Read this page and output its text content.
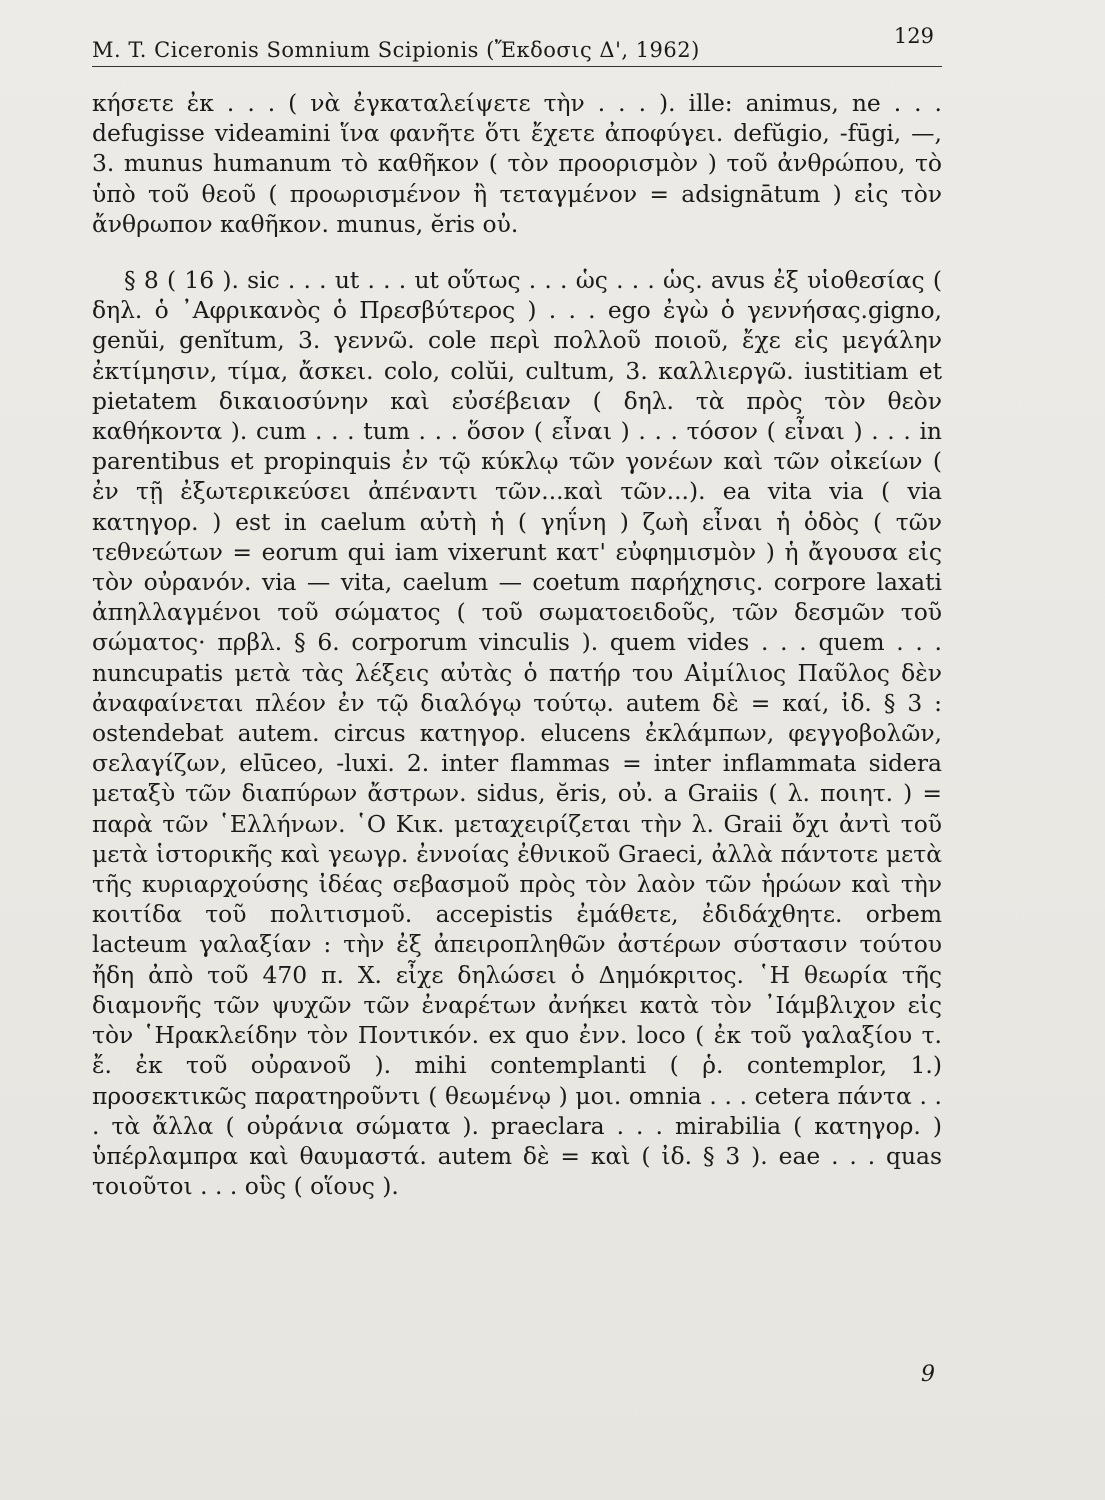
M. T. Ciceronis Somnium Scipionis (Ἔκδοσις Δ', 1962)
129

κήσετε ἐκ . . . ( νὰ ἐγκαταλείψετε τὴν . . . ). ille: animus, ne . . . defugisse videamini ἵνα φανῆτε ὅτι ἔχετε ἀποφύγει. defŭgio, -fūgi, —, 3. munus humanum τὸ καθῆκον ( τὸν προορισμὸν ) τοῦ ἀνθρώπου, τὸ ὑπὸ τοῦ θεοῦ ( προωρισμένον ἢ τεταγμένον = adsignātum ) εἰς τὸν ἄνθρωπον καθῆκον. munus, ĕris οὐ.

§ 8 ( 16 ). sic . . . ut . . . ut οὕτως . . . ὡς . . . ὡς. avus ἐξ υἱοθεσίας ( δηλ. ὁ ᾿Αφρικανὸς ὁ Πρεσβύτερος ) . . . ego ἐγὼ ὁ γεννήσας.gigno, genŭi, genĭtum, 3. γεννῶ. cole περὶ πολλοῦ ποιοῦ, ἔχε εἰς μεγάλην ἐκτίμησιν, τίμα, ἄσκει. colo, colŭi, cultum, 3. καλλιεργῶ. iustitiam et pietatem δικαιοσύνην καὶ εὐσέβειαν ( δηλ. τὰ πρὸς τὸν θεὸν καθήκοντα ). cum . . . tum . . . ὅσον ( εἶναι ) . . . τόσον ( εἶναι ) . . . in parentibus et propinquis ἐν τῷ κύκλῳ τῶν γονέων καὶ τῶν οἰκείων ( ἐν τῇ ἐξωτερικεύσει ἀπέναντι τῶν...καὶ τῶν...). ea vita via ( via κατηγορ. ) est in caelum αὐτὴ ἡ ( γηΐνη ) ζωὴ εἶναι ἡ ὁδὸς ( τῶν τεθνεώτων = eorum qui iam vixerunt κατ' εὐφημισμὸν ) ἡ ἄγουσα εἰς τὸν οὐρανόν. via — vita, caelum — coetum παρήχησις. corpore laxati ἀπηλλαγμένοι τοῦ σώματος ( τοῦ σωματοειδοῦς, τῶν δεσμῶν τοῦ σώματος· πρβλ. § 6. corporum vinculis ). quem vides . . . quem . . . nuncupatis μετὰ τὰς λέξεις αὐτὰς ὁ πατήρ του Αἰμίλιος Παῦλος δὲν ἀναφαίνεται πλέον ἐν τῷ διαλόγῳ τούτῳ. autem δὲ = καί, ἰδ. § 3 : ostendebat autem. circus κατηγορ. elucens ἐκλάμπων, φεγγοβολῶν, σελαγίζων, elūceo, -luxi. 2. inter flammas = inter inflammata sidera μεταξὺ τῶν διαπύρων ἄστρων. sidus, ĕris, οὐ. a Graiis ( λ. ποιητ. ) = παρὰ τῶν ῾Ελλήνων. ῾Ο Κικ. μεταχειρίζεται τὴν λ. Graii ὄχι ἀντὶ τοῦ μετὰ ἱστορικῆς καὶ γεωγρ. ἐννοίας ἐθνικοῦ Graeci, ἀλλὰ πάντοτε μετὰ τῆς κυριαρχούσης ἰδέας σεβασμοῦ πρὸς τὸν λαὸν τῶν ἡρώων καὶ τὴν κοιτίδα τοῦ πολιτισμοῦ. accepistis ἐμάθετε, ἐδιδάχθητε. orbem lacteum γαλαξίαν : τὴν ἐξ ἀπειροπληθῶν ἀστέρων σύστασιν τούτου ἤδη ἀπὸ τοῦ 470 π. Χ. εἶχε δηλώσει ὁ Δημόκριτος. ῾Η θεωρία τῆς διαμονῆς τῶν ψυχῶν τῶν ἐναρέτων ἀνήκει κατὰ τὸν ᾿Ιάμβλιχον εἰς τὸν ῾Ηρακλείδην τὸν Ποντικόν. ex quo ἐνν. loco ( ἐκ τοῦ γαλαξίου τ. ἔ. ἐκ τοῦ οὐρανοῦ ). mihi contemplanti ( ῥ. contemplor, 1.) προσεκτικῶς παρατηροῦντι ( θεωμένῳ ) μοι. omnia . . . cetera πάντα . . . τὰ ἄλλα ( οὐράνια σώματα ). praeclara . . . mirabilia ( κατηγορ. ) ὑπέρλαμπρα καὶ θαυμαστά. autem δὲ = καὶ ( ἰδ. § 3 ). eae . . . quas τοιοῦτοι . . . οὓς ( οἵους ).

9
